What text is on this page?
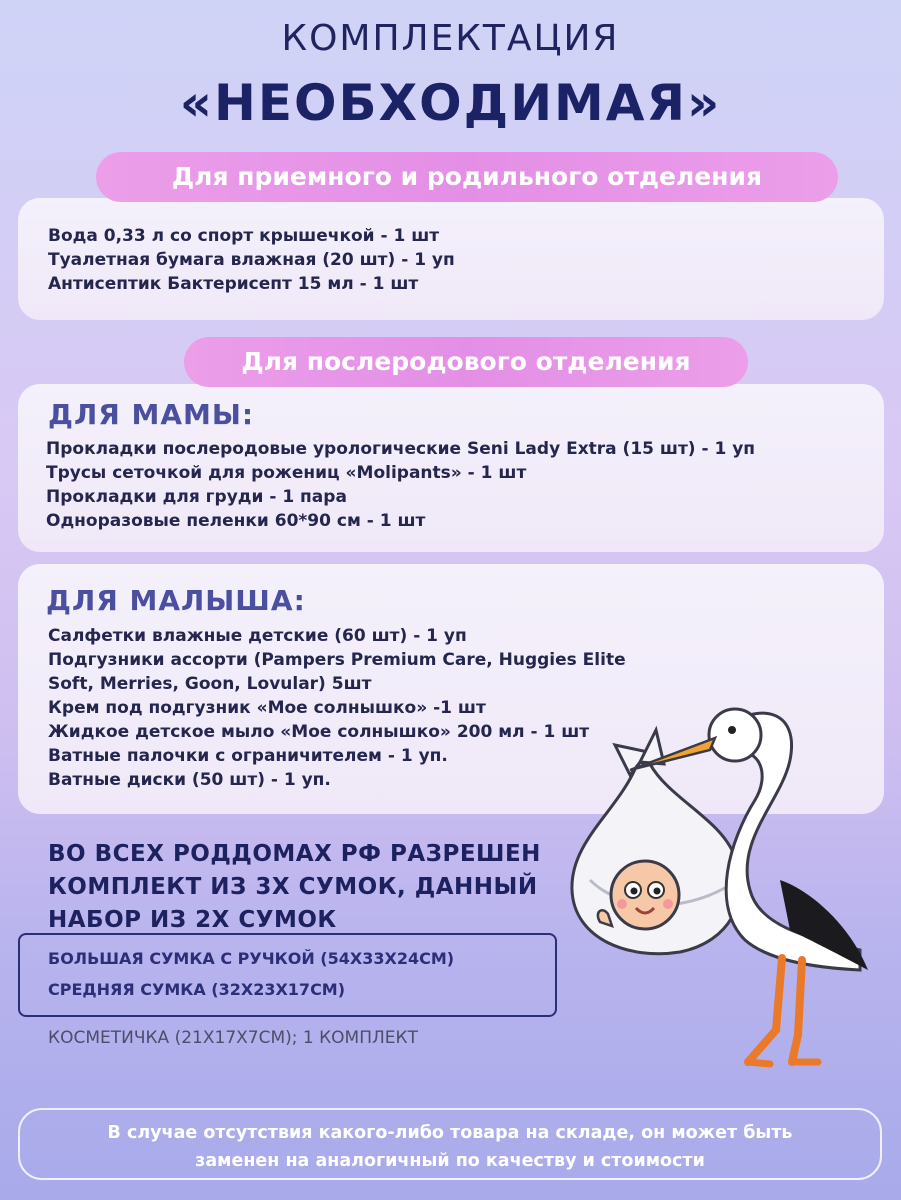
КОМПЛЕКТАЦИЯ
«НЕОБХОДИМАЯ»
Для приемного и родильного отделения
Вода 0,33 л со спорт крышечкой - 1 шт
Туалетная бумага влажная (20 шт) - 1 уп
Антисептик Бактерисепт 15 мл - 1 шт
Для послеродового отделения
ДЛЯ МАМЫ:
Прокладки послеродовые урологические Seni Lady Extra (15 шт) - 1 уп
Трусы сеточкой для рожениц «Molipants» - 1 шт
Прокладки для груди - 1 пара
Одноразовые пеленки 60*90 см - 1 шт
ДЛЯ МАЛЫША:
Салфетки влажные детские (60 шт) - 1 уп
Подгузники ассорти (Pampers Premium Care, Huggies Elite
Soft, Merries, Goon, Lovular) 5шт
Крем под подгузник «Мое солнышко» -1 шт
Жидкое детское мыло «Мое солнышко» 200 мл - 1 шт
Ватные палочки с ограничителем - 1 уп.
Ватные диски (50 шт) - 1 уп.
ВО ВСЕХ РОДДОМАХ РФ РАЗРЕШЕН
КОМПЛЕКТ ИЗ 3Х СУМОК, ДАННЫЙ
НАБОР ИЗ 2Х СУМОК
БОЛЬШАЯ СУМКА С РУЧКОЙ (54Х33Х24СМ)
СРЕДНЯЯ СУМКА (32Х23Х17СМ)
КОСМЕТИЧКА (21Х17Х7СМ); 1 КОМПЛЕКТ
В случае отсутствия какого-либо товара на складе, он может быть
заменен на аналогичный по качеству и стоимости
